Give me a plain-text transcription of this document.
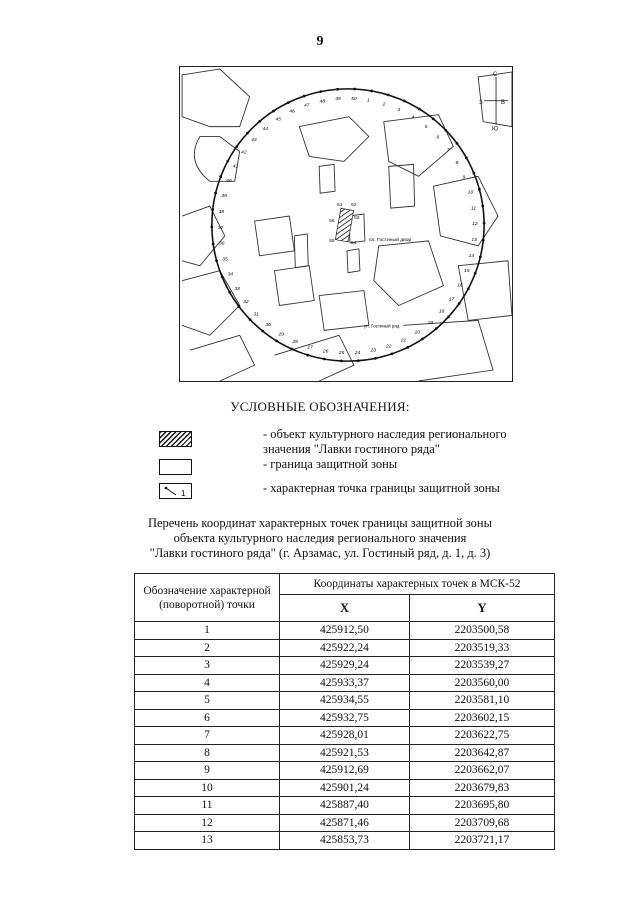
9
пл. Гостиный двор
ул. Гостиный ряд
С
В
Ю
З
1
2
3
4
5
6
7
8
9
10
11
12
13
14
15
16
17
18
19
20
21
22
23
24
25
26
27
28
29
30
31
32
33
34
35
36
37
38
39
40
41
42
43
44
45
46
47
48 49 50
51 52
53
54
55
56
УСЛОВНЫЕ ОБОЗНАЧЕНИЯ:
- объект культурного наследия регионального значения "Лавки гостиного ряда"
- граница защитной зоны
1	- характерная точка границы защитной зоны
Перечень координат характерных точек границы защитной зоны
объекта культурного наследия регионального значения
"Лавки гостиного ряда" (г. Арзамас, ул. Гостиный ряд, д. 1, д. 3)
Обозначение характерной (поворотной) точки	Координаты характерных точек в МСК-52	
	X	Y
1	425912,50	2203500,58
2	425922,24	2203519,33
3	425929,24	2203539,27
4	425933,37	2203560,00
5	425934,55	2203581,10
6	425932,75	2203602,15
7	425928,01	2203622,75
8	425921,53	2203642,87
9	425912,69	2203662,07
10	425901,24	2203679,83
11	425887,40	2203695,80
12	425871,46	2203709,68
13	425853,73	2203721,17
